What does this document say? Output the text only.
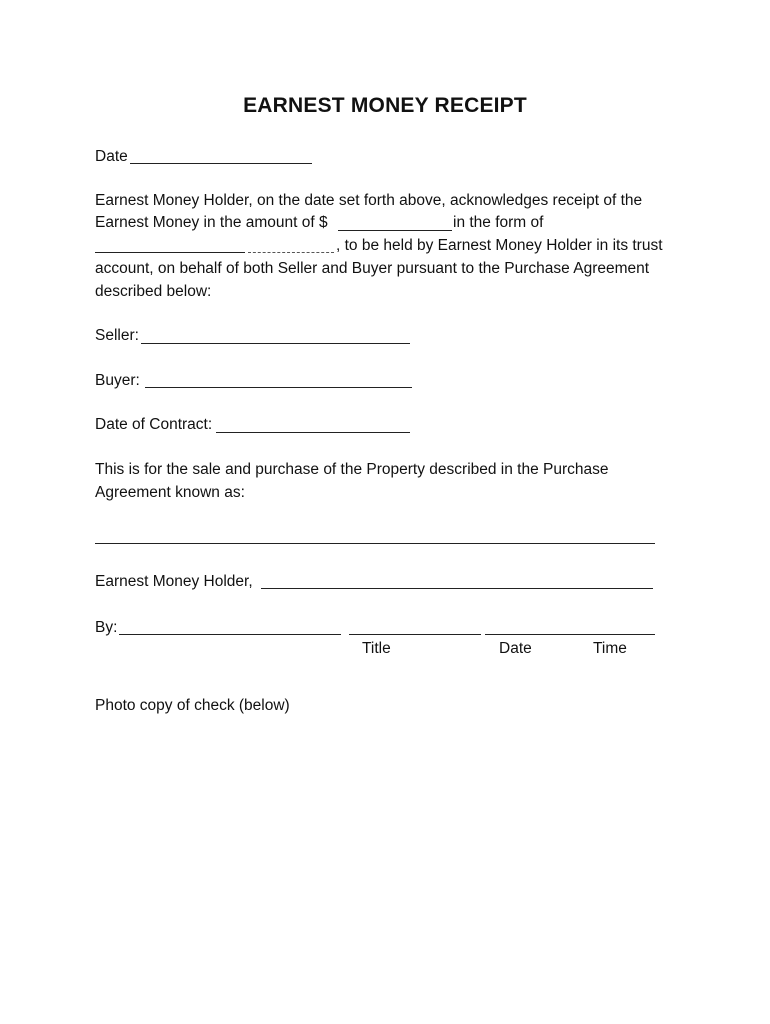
EARNEST MONEY RECEIPT
Date
Earnest Money Holder, on the date set forth above, acknowledges receipt of the
Earnest Money in the amount of $	in the form of
, to be held by Earnest Money Holder in its trust
account, on behalf of both Seller and Buyer pursuant to the Purchase Agreement
described below:
Seller:
Buyer:
Date of Contract:
This is for the sale and purchase of the Property described in the Purchase
Agreement known as:
Earnest Money Holder,
By:
Title	Date	Time
Photo copy of check (below)
